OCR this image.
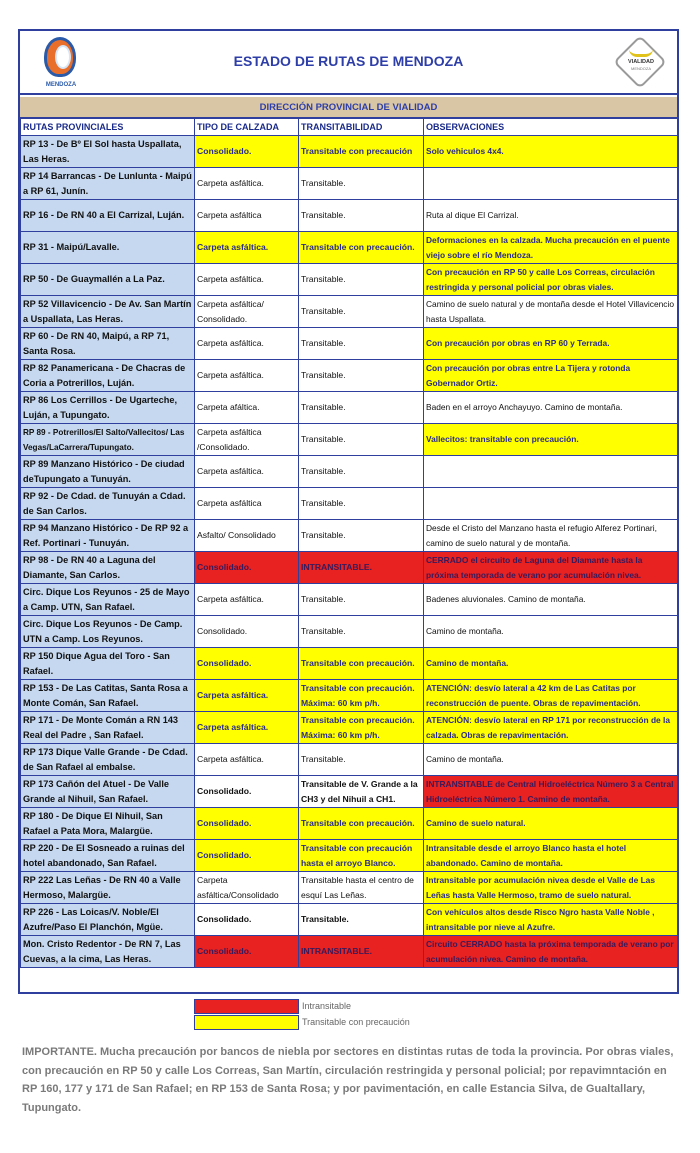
MENDOZA
ESTADO DE RUTAS DE MENDOZA	VIALIDAD
MENDOZA
DIRECCIÓN PROVINCIAL DE VIALIDAD
RUTAS PROVINCIALES	TIPO DE CALZADA	TRANSITABILIDAD	OBSERVACIONES
RP 13 - De Bº El Sol hasta Uspallata, Las Heras.	Consolidado.	Transitable con precaución	Solo vehiculos 4x4.
RP 14 Barrancas - De Lunlunta - Maipú a RP 61, Junín.	Carpeta asfáltica.	Transitable.	
RP 16 - De RN 40 a El Carrizal, Luján.	Carpeta asfáltica	Transitable.	Ruta al dique El Carrizal.
RP 31 - Maipú/Lavalle.	Carpeta asfáltica.	Transitable con precaución.	Deformaciones en la calzada. Mucha precaución en el puente viejo sobre el río Mendoza.
RP 50 - De Guaymallén a La Paz.	Carpeta asfáltica.	Transitable.	Con precaución en RP 50 y calle Los Correas, circulación restringida y personal policial por obras viales.
RP 52 Villavicencio - De Av. San Martín a Uspallata, Las Heras.	Carpeta asfáltica/ Consolidado.	Transitable.	Camino de suelo natural y de montaña desde el Hotel Villavicencio hasta Uspallata.
RP 60 - De RN 40, Maipú, a RP 71, Santa Rosa.	Carpeta asfáltica.	Transitable.	Con precaución por obras en RP 60 y Terrada.
RP 82 Panamericana - De Chacras de Coria a Potrerillos, Luján.	Carpeta asfáltica.	Transitable.	Con precaución por obras entre La Tijera y rotonda Gobernador Ortiz.
RP 86 Los Cerrillos - De Ugarteche, Luján, a Tupungato.	Carpeta afáltica.	Transitable.	Baden en el arroyo Anchayuyo. Camino de montaña.
RP 89 - Potrerillos/El Salto/Vallecitos/ Las Vegas/LaCarrera/Tupungato.	Carpeta asfáltica /Consolidado.	Transitable.	Vallecitos: transitable con precaución.
RP 89 Manzano Histórico - De ciudad deTupungato a Tunuyán.	Carpeta asfáltica.	Transitable.	
RP 92 - De Cdad. de Tunuyán a Cdad. de San Carlos.	Carpeta asfáltica	Transitable.	
RP 94 Manzano Histórico - De RP 92 a Ref. Portinari - Tunuyán.	Asfalto/ Consolidado	Transitable.	Desde el Cristo del Manzano hasta el refugio Alferez Portinari, camino de suelo natural y de montaña.
RP 98 - De RN 40 a Laguna del Diamante, San Carlos.	Consolidado.	INTRANSITABLE.	CERRADO el circuito de Laguna del Diamante hasta la próxima temporada de verano por acumulación nivea.
Circ. Dique Los Reyunos - 25 de Mayo a Camp. UTN, San Rafael.	Carpeta asfáltica.	Transitable.	Badenes aluvionales. Camino de montaña.
Circ. Dique Los Reyunos - De Camp. UTN a Camp. Los Reyunos.	Consolidado.	Transitable.	Camino de montaña.
RP 150 Dique Agua del Toro - San Rafael.	Consolidado.	Transitable con precaución.	Camino de montaña.
RP 153 - De Las Catitas, Santa Rosa a Monte Comán, San Rafael.	Carpeta asfáltica.	Transitable con precaución. Máxima: 60 km p/h.	ATENCIÓN: desvío lateral a 42 km de Las Catitas por reconstrucción de puente. Obras de repavimentación.
RP 171 - De Monte Comán a RN 143 Real del Padre , San Rafael.	Carpeta asfáltica.	Transitable con precaución. Máxima: 60 km p/h.	ATENCIÓN: desvío lateral en RP 171 por reconstrucción de la calzada. Obras de repavimentación.
RP 173 Dique Valle Grande - De Cdad. de San Rafael al embalse.	Carpeta asfáltica.	Transitable.	Camino de montaña.
RP 173 Cañón del Atuel - De Valle Grande al Nihuil, San Rafael.	Consolidado.	Transitable de V. Grande a la CH3 y del Nihuil a CH1.	INTRANSITABLE de Central Hidroeléctrica Número 3 a Central Hidroeléctrica Número 1. Camino de montaña.
RP 180 - De Dique El Nihuil, San Rafael a Pata Mora, Malargüe.	Consolidado.	Transitable con precaución.	Camino de suelo natural.
RP 220 - De El Sosneado a ruinas del hotel abandonado, San Rafael.	Consolidado.	Transitable con precaución hasta el arroyo Blanco.	Intransitable desde el arroyo Blanco hasta el hotel abandonado. Camino de montaña.
RP 222 Las Leñas - De RN 40 a Valle Hermoso, Malargüe.	Carpeta asfáltica/Consolidado	Transitable hasta el centro de esquí Las Leñas.	Intransitable por acumulación nivea desde el Valle de Las Leñas hasta Valle Hermoso, tramo de suelo natural.
RP 226 - Las Loicas/V. Noble/El Azufre/Paso El Planchón, Mgüe.	Consolidado.	Transitable.	Con vehículos altos desde Risco Ngro hasta Valle Noble , intransitable por nieve al Azufre.
Mon. Cristo Redentor - De RN 7, Las Cuevas, a la cima, Las Heras.	Consolidado.	INTRANSITABLE.	Circuito CERRADO hasta la próxima temporada de verano por acumulación nivea. Camino de montaña.
Intransitable
Transitable con precaución
IMPORTANTE. Mucha precaución por bancos de niebla por sectores en distintas rutas de toda la provincia. Por obras viales, con precaución en RP 50 y calle Los Correas, San Martín, circulación restringida y personal policial; por repavimntación en RP 160, 177 y 171 de San Rafael; en RP 153 de Santa Rosa; y por pavimentación, en calle Estancia Silva, de Gualtallary, Tupungato.
